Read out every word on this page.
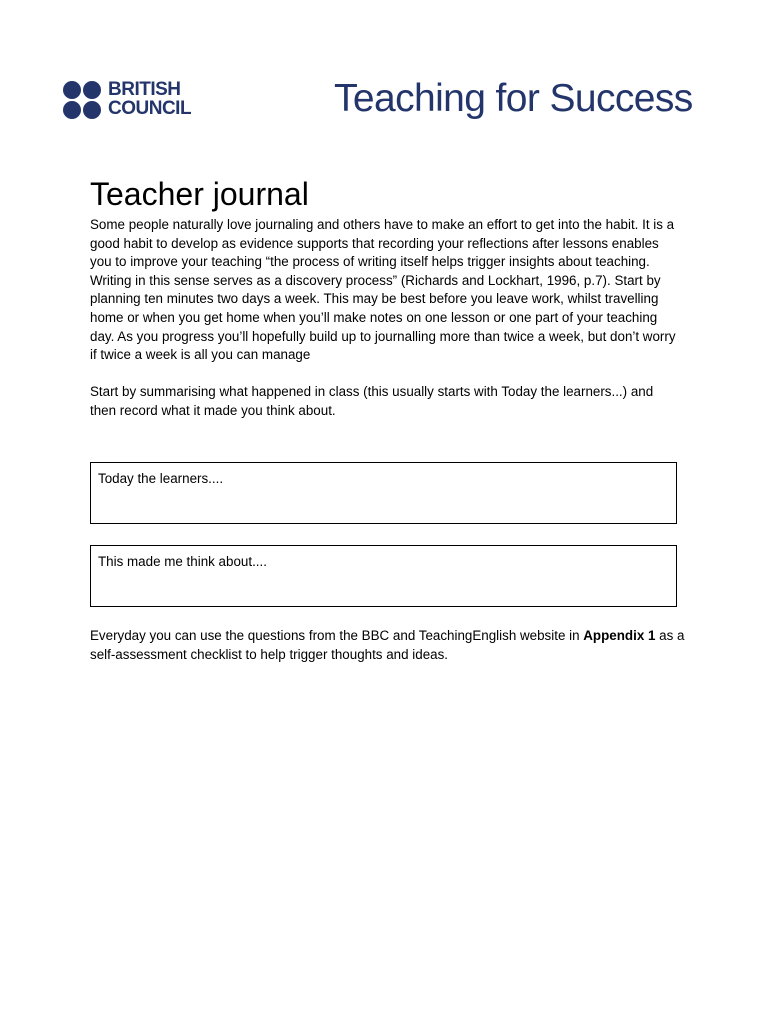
BRITISH
COUNCIL	Teaching for Success
Teacher journal

Some people naturally love journaling and others have to make an effort to get into the habit. It is a good habit to develop as evidence supports that recording your reflections after lessons enables you to improve your teaching “the process of writing itself helps trigger insights about teaching. Writing in this sense serves as a discovery process” (Richards and Lockhart, 1996, p.7). Start by planning ten minutes two days a week. This may be best before you leave work, whilst travelling home or when you get home when you’ll make notes on one lesson or one part of your teaching day. As you progress you’ll hopefully build up to journalling more than twice a week, but don’t worry if twice a week is all you can manage

Start by summarising what happened in class (this usually starts with Today the learners...) and then record what it made you think about.

Today the learners....
This made me think about....

Everyday you can use the questions from the BBC and TeachingEnglish website in Appendix 1 as a self-assessment checklist to help trigger thoughts and ideas.
